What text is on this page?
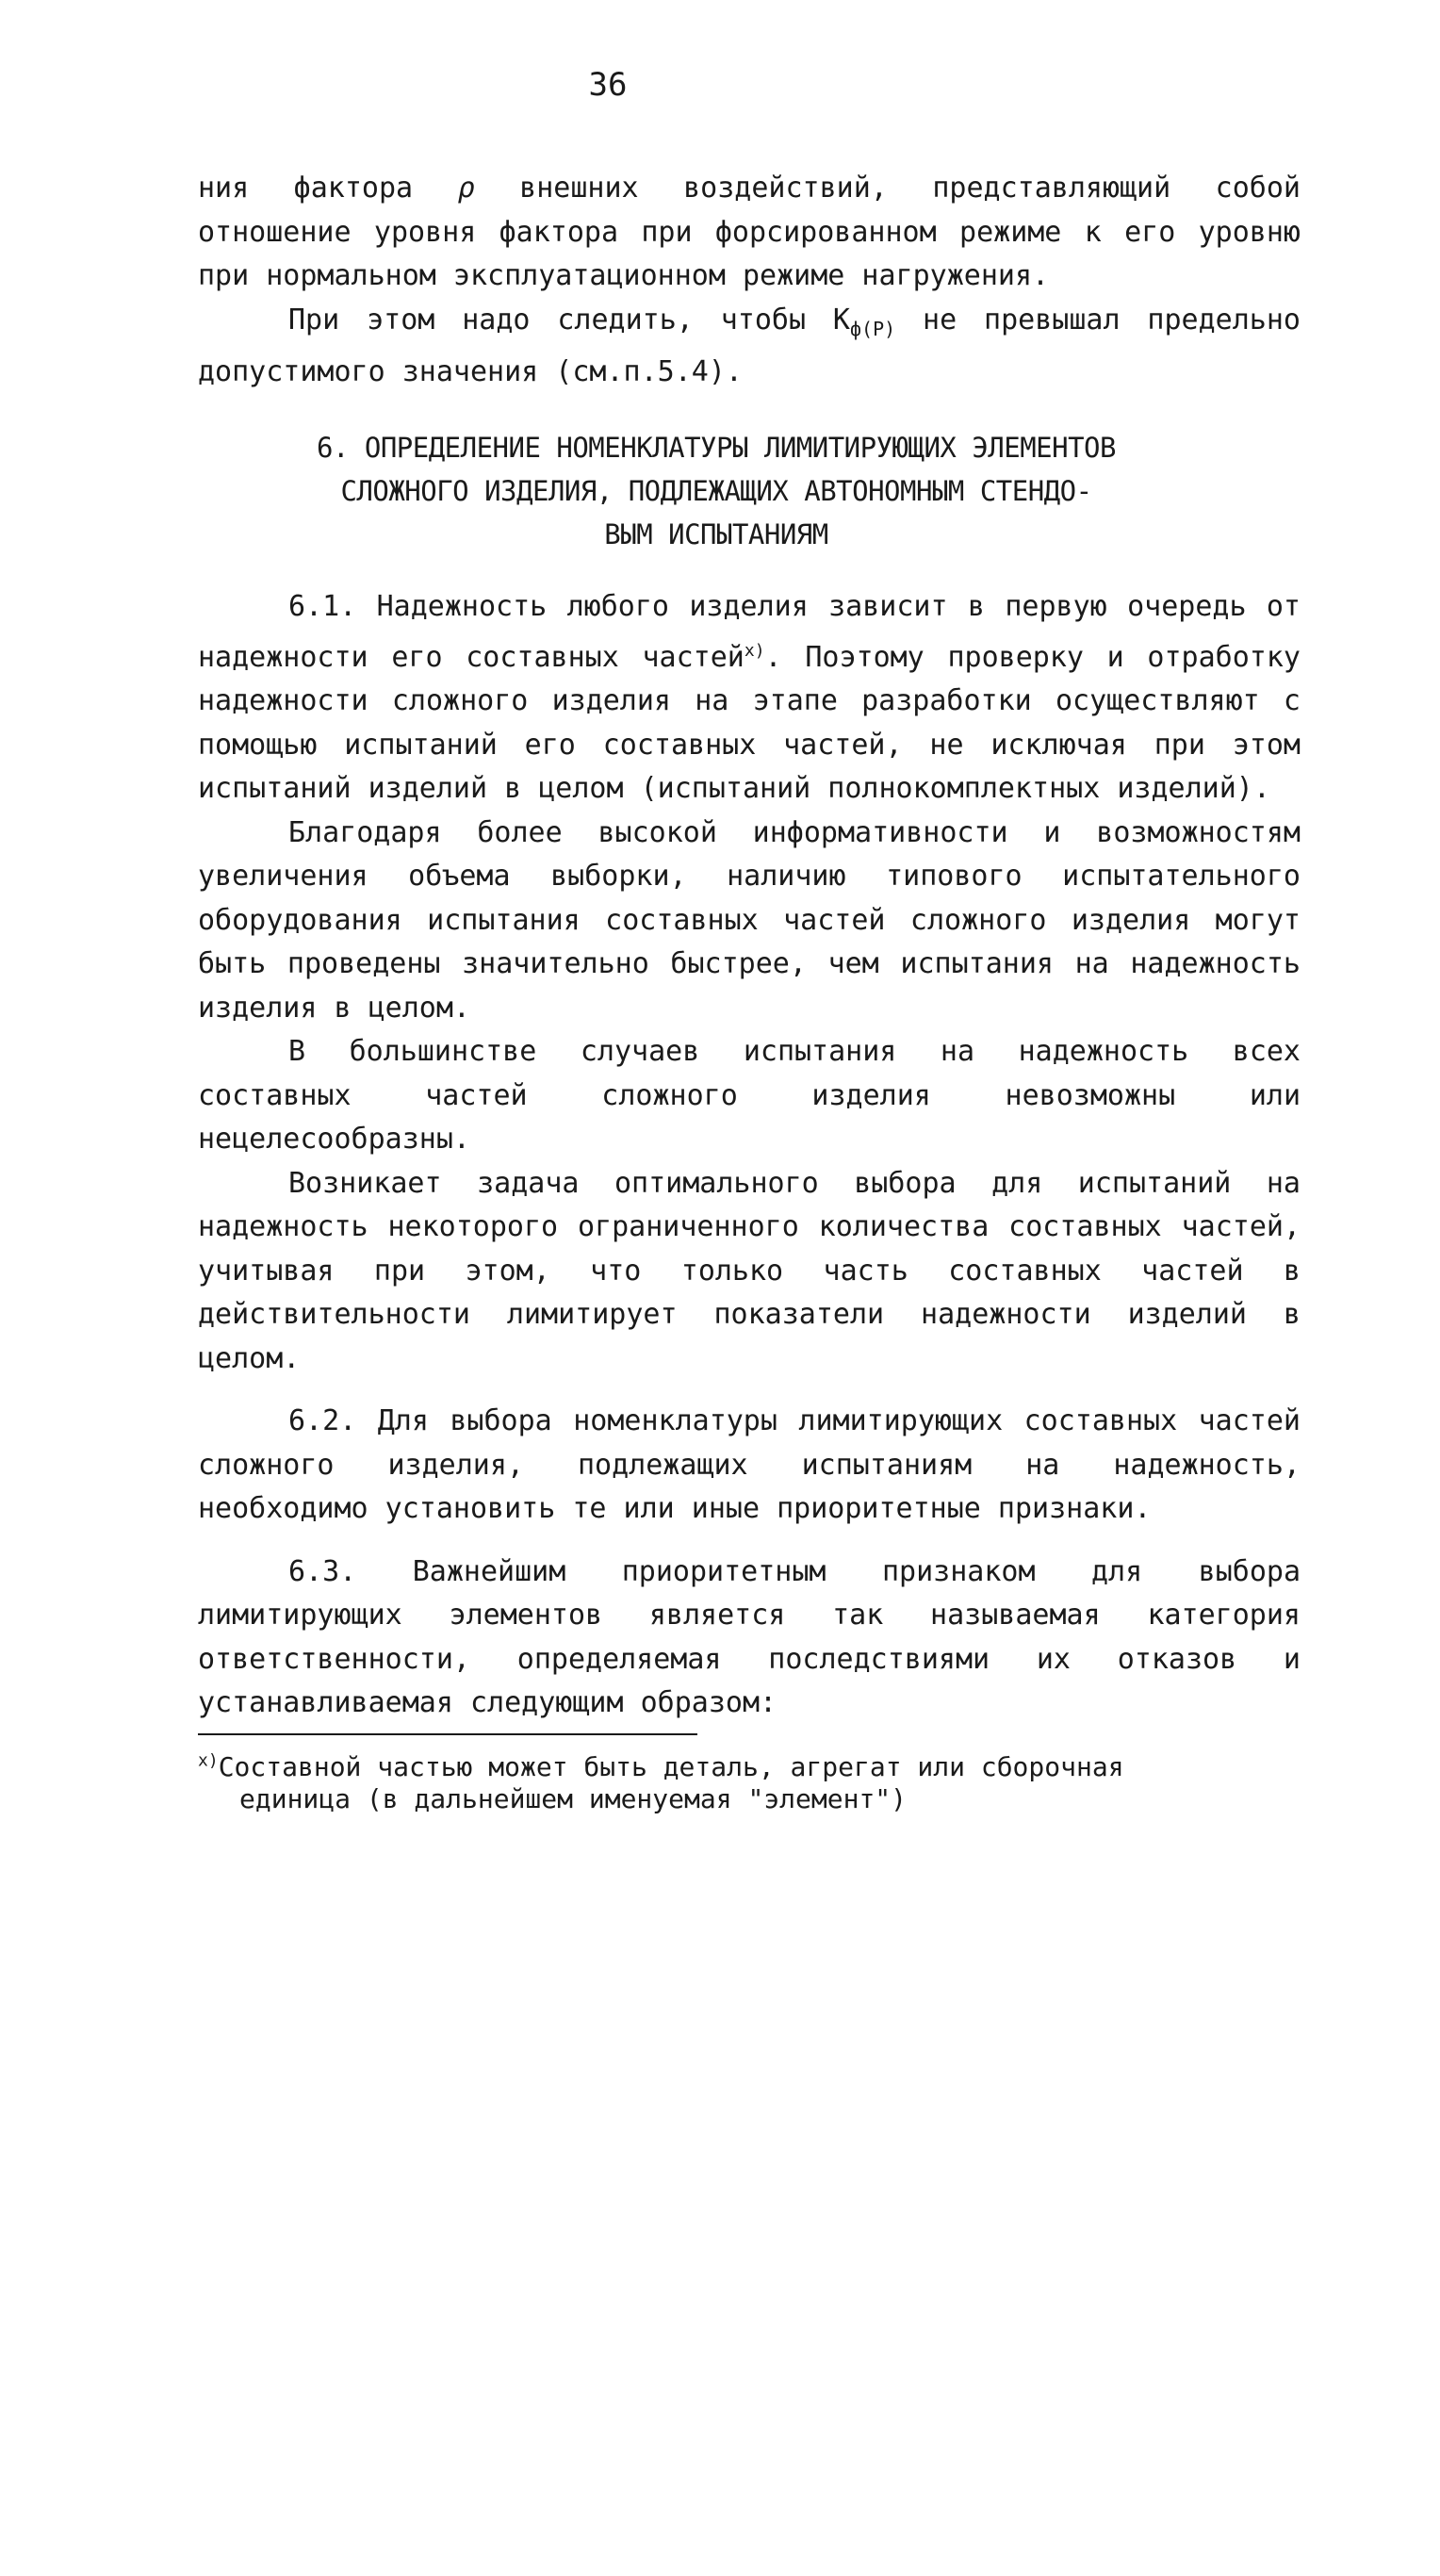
36

ния фактора ρ внешних воздействий, представляющий собой отношение уровня фактора при форсированном режиме к его уровню при нормальном эксплуатационном режиме нагружения.

При этом надо следить, чтобы $К_{ф(Р)}$ не превышал предельно допустимого значения (см.п.5.4).

6. ОПРЕДЕЛЕНИЕ НОМЕНКЛАТУРЫ ЛИМИТИРУЮЩИХ ЭЛЕМЕНТОВ
СЛОЖНОГО ИЗДЕЛИЯ, ПОДЛЕЖАЩИХ АВТОНОМНЫМ СТЕНДО-
ВЫМ ИСПЫТАНИЯМ

6.1. Надежность любого изделия зависит в первую очередь от надежности его составных частей$^{х)}$. Поэтому проверку и отработку надежности сложного изделия на этапе разработки осуществляют с помощью испытаний его составных частей, не исключая при этом испытаний изделий в целом (испытаний полнокомплектных изделий).

Благодаря более высокой информативности и возможностям увеличения объема выборки, наличию типового испытательного оборудования испытания составных частей сложного изделия могут быть проведены значительно быстрее, чем испытания на надежность изделия в целом.

В большинстве случаев испытания на надежность всех составных частей сложного изделия невозможны или нецелесообразны.

Возникает задача оптимального выбора для испытаний на надежность некоторого ограниченного количества составных частей, учитывая при этом, что только часть составных частей в действительности лимитирует показатели надежности изделий в целом.

6.2. Для выбора номенклатуры лимитирующих составных частей сложного изделия, подлежащих испытаниям на надежность, необходимо установить те или иные приоритетные признаки.

6.3. Важнейшим приоритетным признаком для выбора лимитирующих элементов является так называемая категория ответственности, определяемая последствиями их отказов и устанавливаемая следующим образом:

$^{х)}$Составной частью может быть деталь, агрегат или сборочная
единица (в дальнейшем именуемая "элемент")
